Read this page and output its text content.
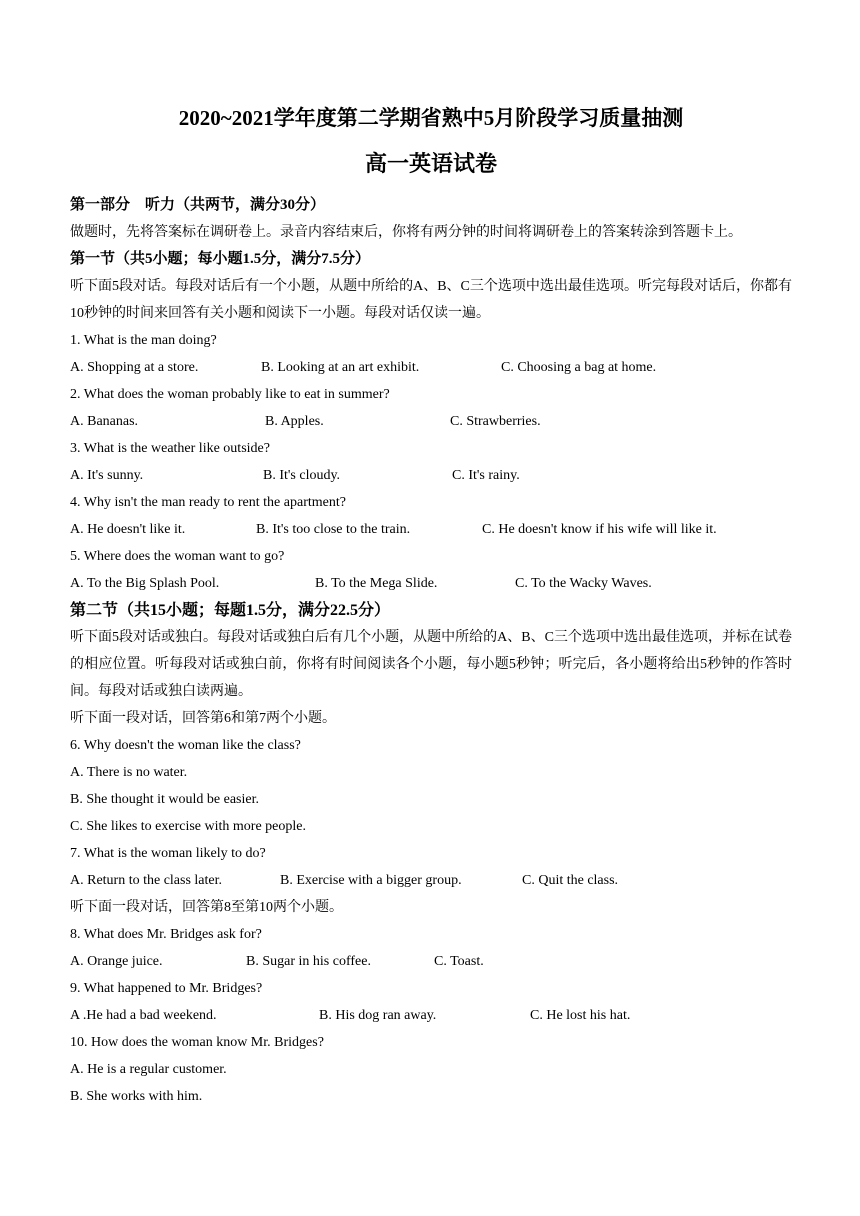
2020~2021学年度第二学期省熟中5月阶段学习质量抽测

高一英语试卷

第一部分　听力（共两节，满分30分）

做题时，先将答案标在调研卷上。录音内容结束后，你将有两分钟的时间将调研卷上的答案转涂到答题卡上。

第一节（共5小题；每小题1.5分，满分7.5分）

听下面5段对话。每段对话后有一个小题，从题中所给的A、B、C三个选项中选出最佳选项。听完每段对话后，你都有10秒钟的时间来回答有关小题和阅读下一小题。每段对话仅读一遍。

1. What is the man doing?

A. Shopping at a store.	B. Looking at an art exhibit.	C. Choosing a bag at home.

2. What does the woman probably like to eat in summer?

A. Bananas.	B. Apples.	C. Strawberries.

3. What is the weather like outside?

A. It's sunny.	B. It's cloudy.	C. It's rainy.

4. Why isn't the man ready to rent the apartment?

A. He doesn't like it.	B. It's too close to the train.	C. He doesn't know if his wife will like it.

5. Where does the woman want to go?

A. To the Big Splash Pool.	B. To the Mega Slide.	C. To the Wacky Waves.

第二节（共15小题；每题1.5分，满分22.5分）

听下面5段对话或独白。每段对话或独白后有几个小题，从题中所给的A、B、C三个选项中选出最佳选项，并标在试卷的相应位置。听每段对话或独白前，你将有时间阅读各个小题，每小题5秒钟；听完后，各小题将给出5秒钟的作答时间。每段对话或独白读两遍。

听下面一段对话，回答第6和第7两个小题。

6. Why doesn't the woman like the class?

A. There is no water.

B. She thought it would be easier.

C. She likes to exercise with more people.

7. What is the woman likely to do?

A. Return to the class later.	B. Exercise with a bigger group.	C. Quit the class.

听下面一段对话，回答第8至第10两个小题。

8. What does Mr. Bridges ask for?

A. Orange juice.	B. Sugar in his coffee.	C. Toast.

9. What happened to Mr. Bridges?

A .He had a bad weekend.	B. His dog ran away.	C. He lost his hat.

10. How does the woman know Mr. Bridges?

A. He is a regular customer.

B. She works with him.
